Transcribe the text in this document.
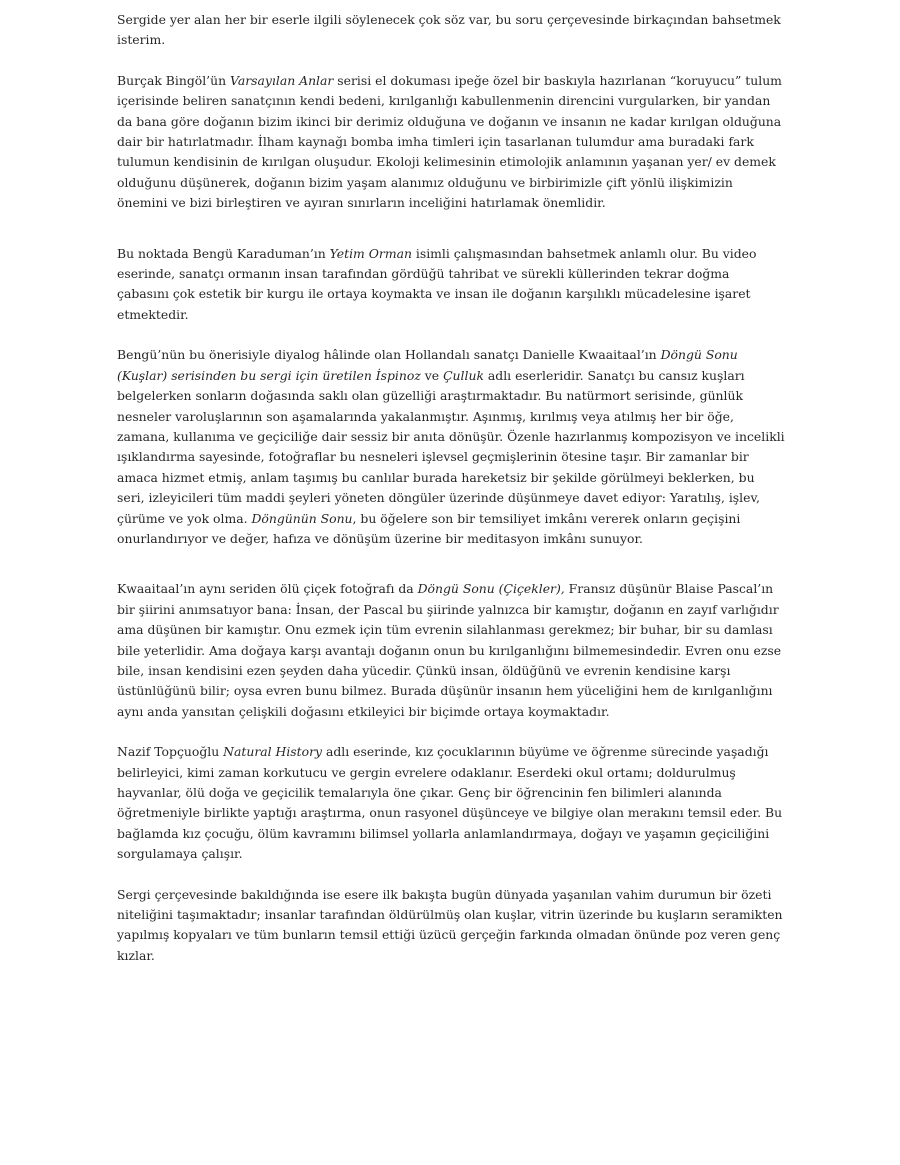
Sergide yer alan her bir eserle ilgili söylenecek çok söz var, bu soru çerçevesinde birkaçından bahsetmek isterim.

Burçak Bingöl’ün Varsayılan Anlar serisi el dokuması ipeğe özel bir baskıyla hazırlanan “koruyucu” tulum içerisinde beliren sanatçının kendi bedeni, kırılganlığı kabullenmenin direncini vurgularken, bir yandan da bana göre doğanın bizim ikinci bir derimiz olduğuna ve doğanın ve insanın ne kadar kırılgan olduğuna dair bir hatırlatmadır. İlham kaynağı bomba imha timleri için tasarlanan tulumdur ama buradaki fark tulumun kendisinin de kırılgan oluşudur. Ekoloji kelimesinin etimolojik anlamının yaşanan yer/ ev demek olduğunu düşünerek, doğanın bizim yaşam alanımız olduğunu ve birbirimizle çift yönlü ilişkimizin önemini ve bizi birleştiren ve ayıran sınırların inceliğini hatırlamak önemlidir.

Bu noktada Bengü Karaduman’ın Yetim Orman isimli çalışmasından bahsetmek anlamlı olur. Bu video eserinde, sanatçı ormanın insan tarafından gördüğü tahribat ve sürekli küllerinden tekrar doğma çabasını çok estetik bir kurgu ile ortaya koymakta ve insan ile doğanın karşılıklı mücadelesine işaret etmektedir.

Bengü’nün bu önerisiyle diyalog hâlinde olan Hollandalı sanatçı Danielle Kwaaitaal’ın Döngü Sonu (Kuşlar) serisinden bu sergi için üretilen İspinoz ve Çulluk adlı eserleridir. Sanatçı bu cansız kuşları belgelerken sonların doğasında saklı olan güzelliği araştırmaktadır. Bu natürmort serisinde, günlük nesneler varoluşlarının son aşamalarında yakalanmıştır. Aşınmış, kırılmış veya atılmış her bir öğe, zamana, kullanıma ve geçiciliğe dair sessiz bir anıta dönüşür. Özenle hazırlanmış kompozisyon ve incelikli ışıklandırma sayesinde, fotoğraflar bu nesneleri işlevsel geçmişlerinin ötesine taşır. Bir zamanlar bir amaca hizmet etmiş, anlam taşımış bu canlılar burada hareketsiz bir şekilde görülmeyi beklerken, bu seri, izleyicileri tüm maddi şeyleri yöneten döngüler üzerinde düşünmeye davet ediyor: Yaratılış, işlev, çürüme ve yok olma. Döngünün Sonu, bu öğelere son bir temsiliyet imkânı vererek onların geçişini onurlandırıyor ve değer, hafıza ve dönüşüm üzerine bir meditasyon imkânı sunuyor.

Kwaaitaal’ın aynı seriden ölü çiçek fotoğrafı da Döngü Sonu (Çiçekler), Fransız düşünür Blaise Pascal’ın bir şiirini anımsatıyor bana: İnsan, der Pascal bu şiirinde yalnızca bir kamıştır, doğanın en zayıf varlığıdır ama düşünen bir kamıştır. Onu ezmek için tüm evrenin silahlanması gerekmez; bir buhar, bir su damlası bile yeterlidir. Ama doğaya karşı avantajı doğanın onun bu kırılganlığını bilmemesindedir. Evren onu ezse bile, insan kendisini ezen şeyden daha yücedir. Çünkü insan, öldüğünü ve evrenin kendisine karşı üstünlüğünü bilir; oysa evren bunu bilmez. Burada düşünür insanın hem yüceliğini hem de kırılganlığını aynı anda yansıtan çelişkili doğasını etkileyici bir biçimde ortaya koymaktadır.

Nazif Topçuoğlu Natural History adlı eserinde, kız çocuklarının büyüme ve öğrenme sürecinde yaşadığı belirleyici, kimi zaman korkutucu ve gergin evrelere odaklanır. Eserdeki okul ortamı; doldurulmuş hayvanlar, ölü doğa ve geçicilik temalarıyla öne çıkar. Genç bir öğrencinin fen bilimleri alanında öğretmeniyle birlikte yaptığı araştırma, onun rasyonel düşünceye ve bilgiye olan merakını temsil eder. Bu bağlamda kız çocuğu, ölüm kavramını bilimsel yollarla anlamlandırmaya, doğayı ve yaşamın geçiciliğini sorgulamaya çalışır.

Sergi çerçevesinde bakıldığında ise esere ilk bakışta bugün dünyada yaşanılan vahim durumun bir özeti niteliğini taşımaktadır; insanlar tarafından öldürülmüş olan kuşlar, vitrin üzerinde bu kuşların seramikten yapılmış kopyaları ve tüm bunların temsil ettiği üzücü gerçeğin farkında olmadan önünde poz veren genç kızlar.
